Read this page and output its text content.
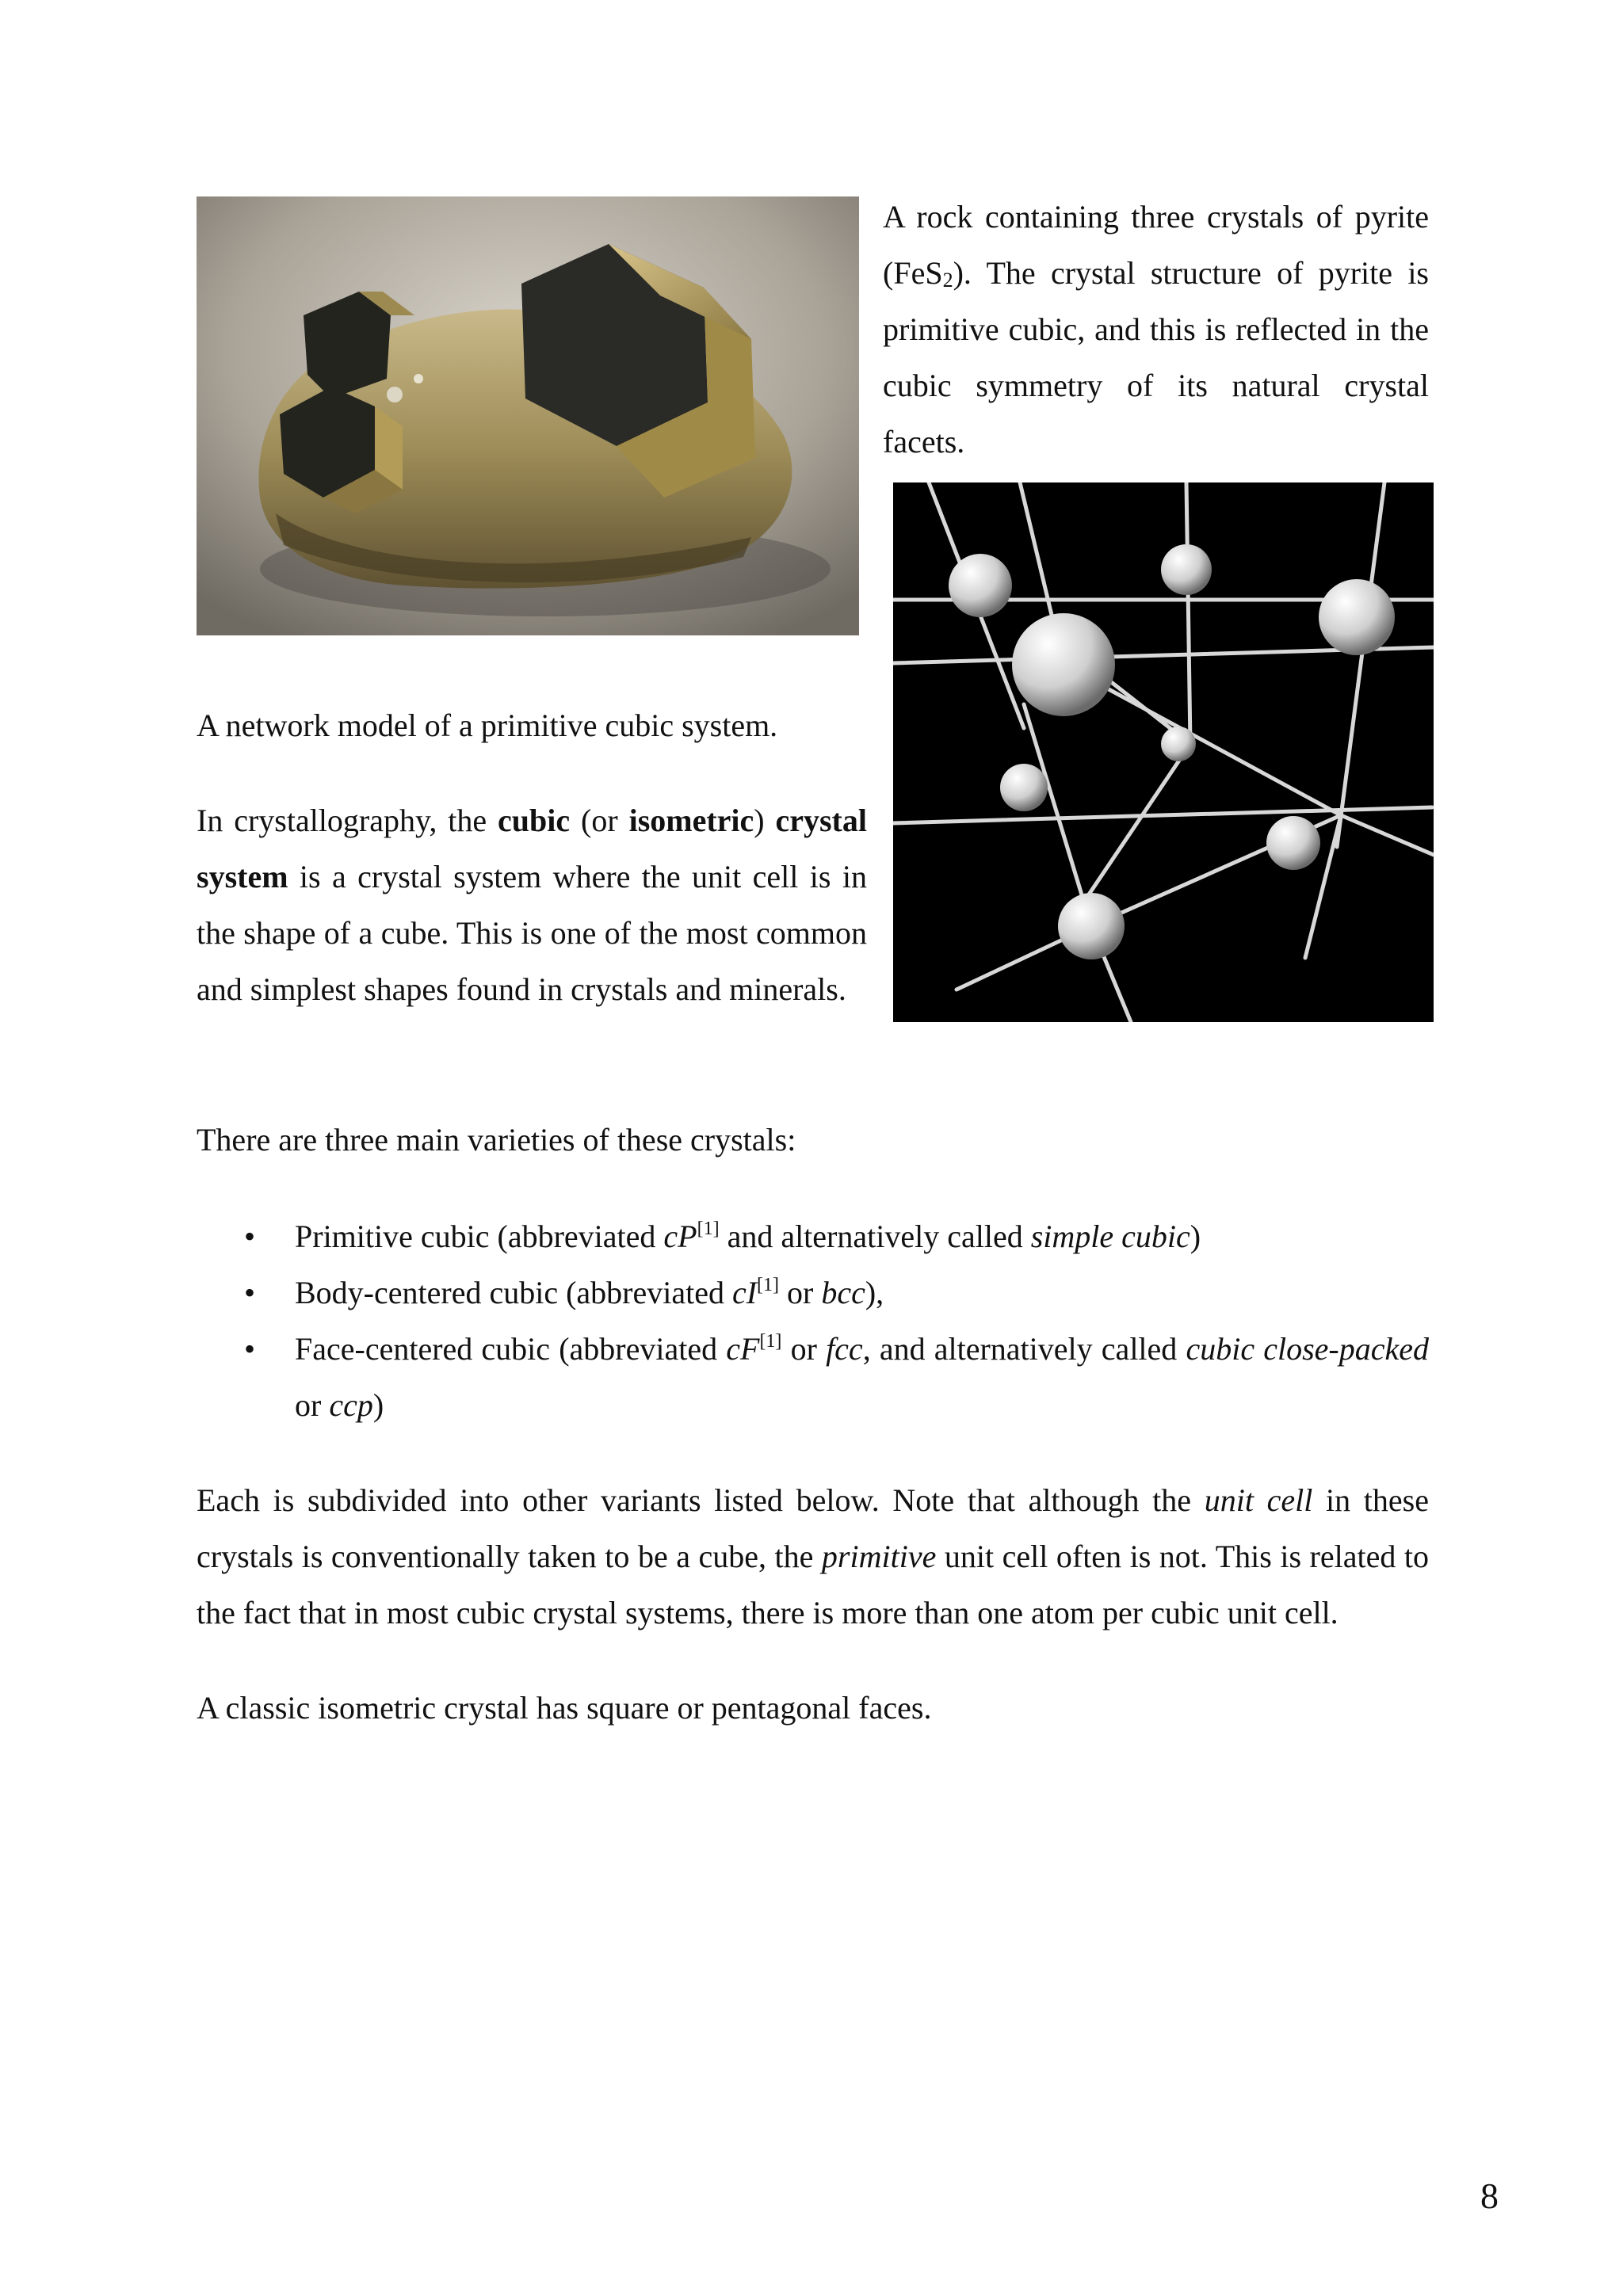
A rock containing three crystals of pyrite (FeS$_2$). The crystal structure of pyrite is primitive cubic, and this is reflected in the cubic symmetry of its natural crystal facets.

A network model of a primitive cubic system.

In crystallography, the cubic (or isometric) crystal system is a crystal system where the unit cell is in the shape of a cube. This is one of the most common and simplest shapes found in crystals and minerals.

There are three main varieties of these crystals:

• Primitive cubic (abbreviated cP[1] and alternatively called simple cubic)
• Body-centered cubic (abbreviated cI[1] or bcc),
• Face-centered cubic (abbreviated cF[1] or fcc, and alternatively called cubic close-packed or ccp)

Each is subdivided into other variants listed below. Note that although the unit cell in these crystals is conventionally taken to be a cube, the primitive unit cell often is not. This is related to the fact that in most cubic crystal systems, there is more than one atom per cubic unit cell.

A classic isometric crystal has square or pentagonal faces.

8
